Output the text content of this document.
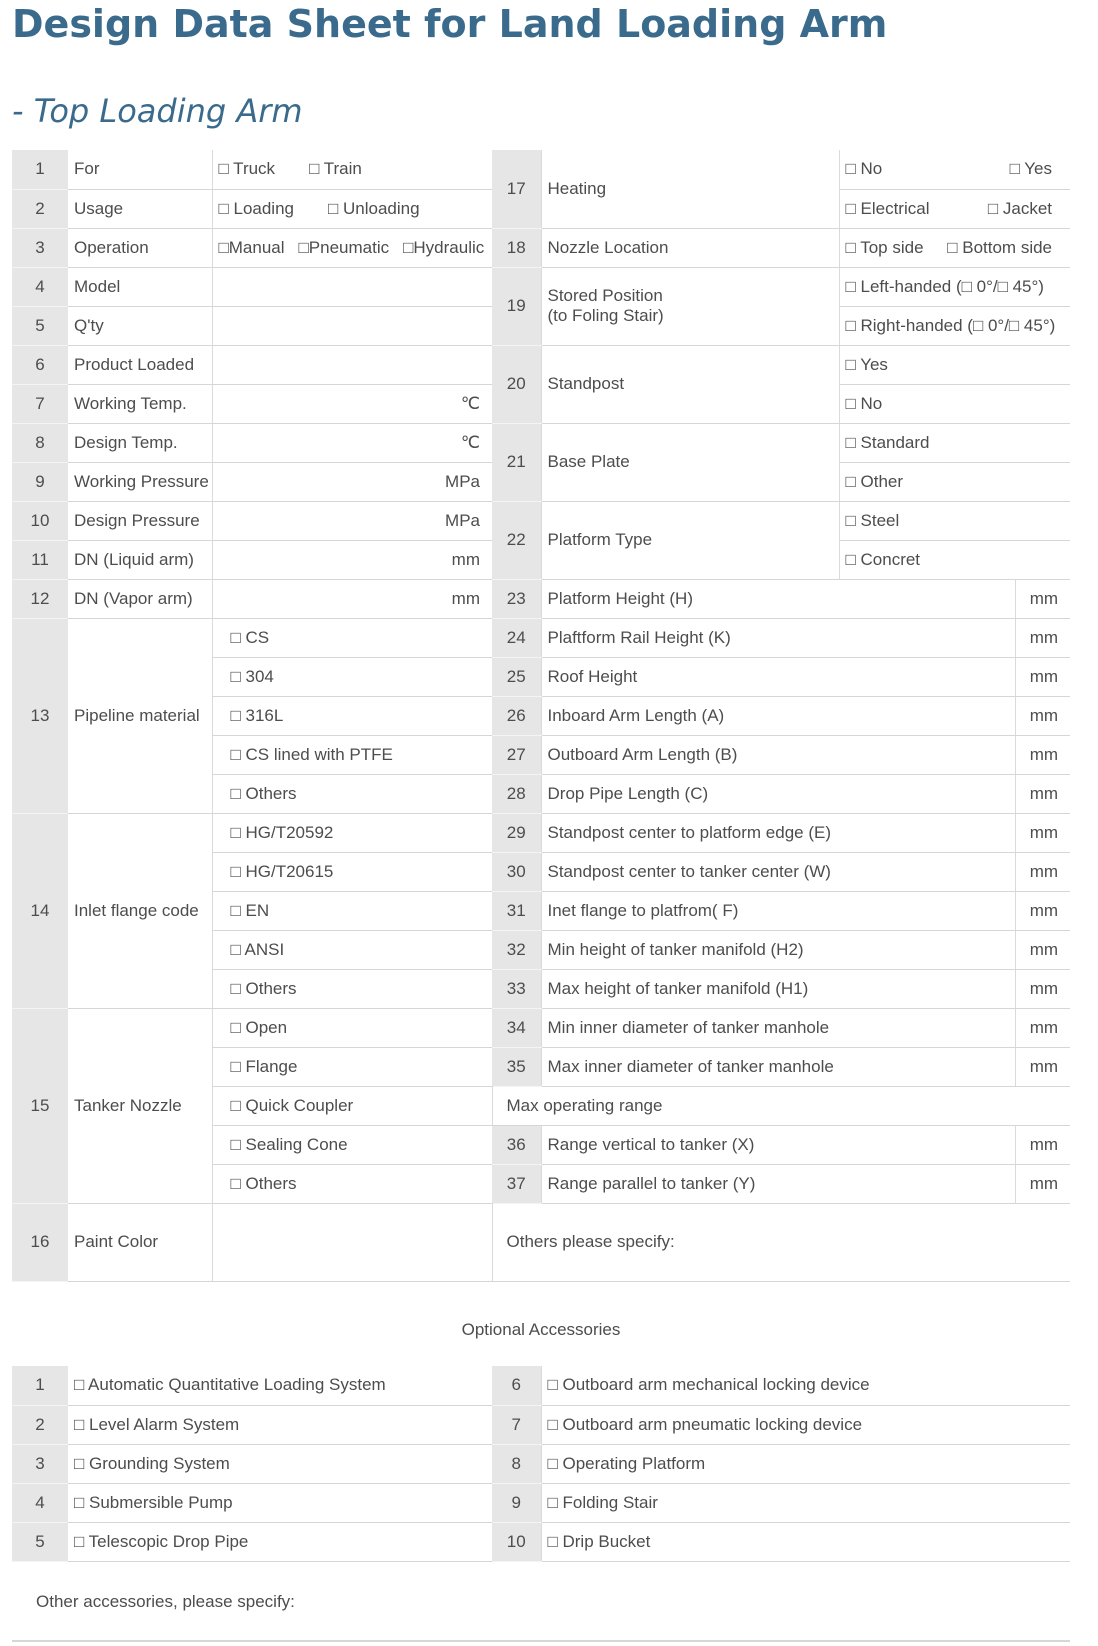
Design Data Sheet for Land Loading Arm
- Top Loading Arm
1	For	□ Truck □ Train	17	Heating	□ No □ Yes	

2	Usage	□ Loading □ Unloading			□ Electrical □ Jacket	

3	Operation	□Manual □Pneumatic □Hydraulic	18	Nozzle Location	□ Top side □ Bottom side	

4	Model		19	Stored Position
(to Foling Stair)	□ Left-handed (□ 0°/□ 45°)	

5	Q'ty				□ Right-handed (□ 0°/□ 45°)	

6	Product Loaded		20	Standpost	□ Yes	

7	Working Temp.	℃			□ No	

8	Design Temp.	℃	21	Base Plate	□ Standard	

9	Working Pressure	MPa			□ Other	

10	Design Pressure	MPa	22	Platform Type	□ Steel	

11	DN (Liquid arm)	mm			□ Concret	

12	DN (Vapor arm)	mm	23	Platform Height (H)		mm
13	Pipeline material	□ CS	24	Plaftform Rail Height (K)		mm
		□ 304	25	Roof Height		mm
		□ 316L	26	Inboard Arm Length (A)		mm
		□ CS lined with PTFE	27	Outboard Arm Length (B)		mm
		□ Others	28	Drop Pipe Length (C)		mm
14	Inlet flange code	□ HG/T20592	29	Standpost center to platform edge (E)		mm
		□ HG/T20615	30	Standpost center to tanker center (W)		mm
		□ EN	31	Inet flange to platfrom( F)		mm
		□ ANSI	32	Min height of tanker manifold (H2)		mm
		□ Others	33	Max height of tanker manifold (H1)		mm
15	Tanker Nozzle	□ Open	34	Min inner diameter of tanker manhole		mm
		□ Flange	35	Max inner diameter of tanker manhole		mm
		□ Quick Coupler	Max operating range			
		□ Sealing Cone	36	Range vertical to tanker (X)		mm
		□ Others	37	Range parallel to tanker (Y)		mm
16	Paint Color		Others please specify:			

Optional Accessories
1	□ Automatic Quantitative Loading System	6	□ Outboard arm mechanical locking device
2	□ Level Alarm System	7	□ Outboard arm pneumatic locking device
3	□ Grounding System	8	□ Operating Platform
4	□ Submersible Pump	9	□ Folding Stair
5	□ Telescopic Drop Pipe	10	□ Drip Bucket
Other accessories, please specify:
